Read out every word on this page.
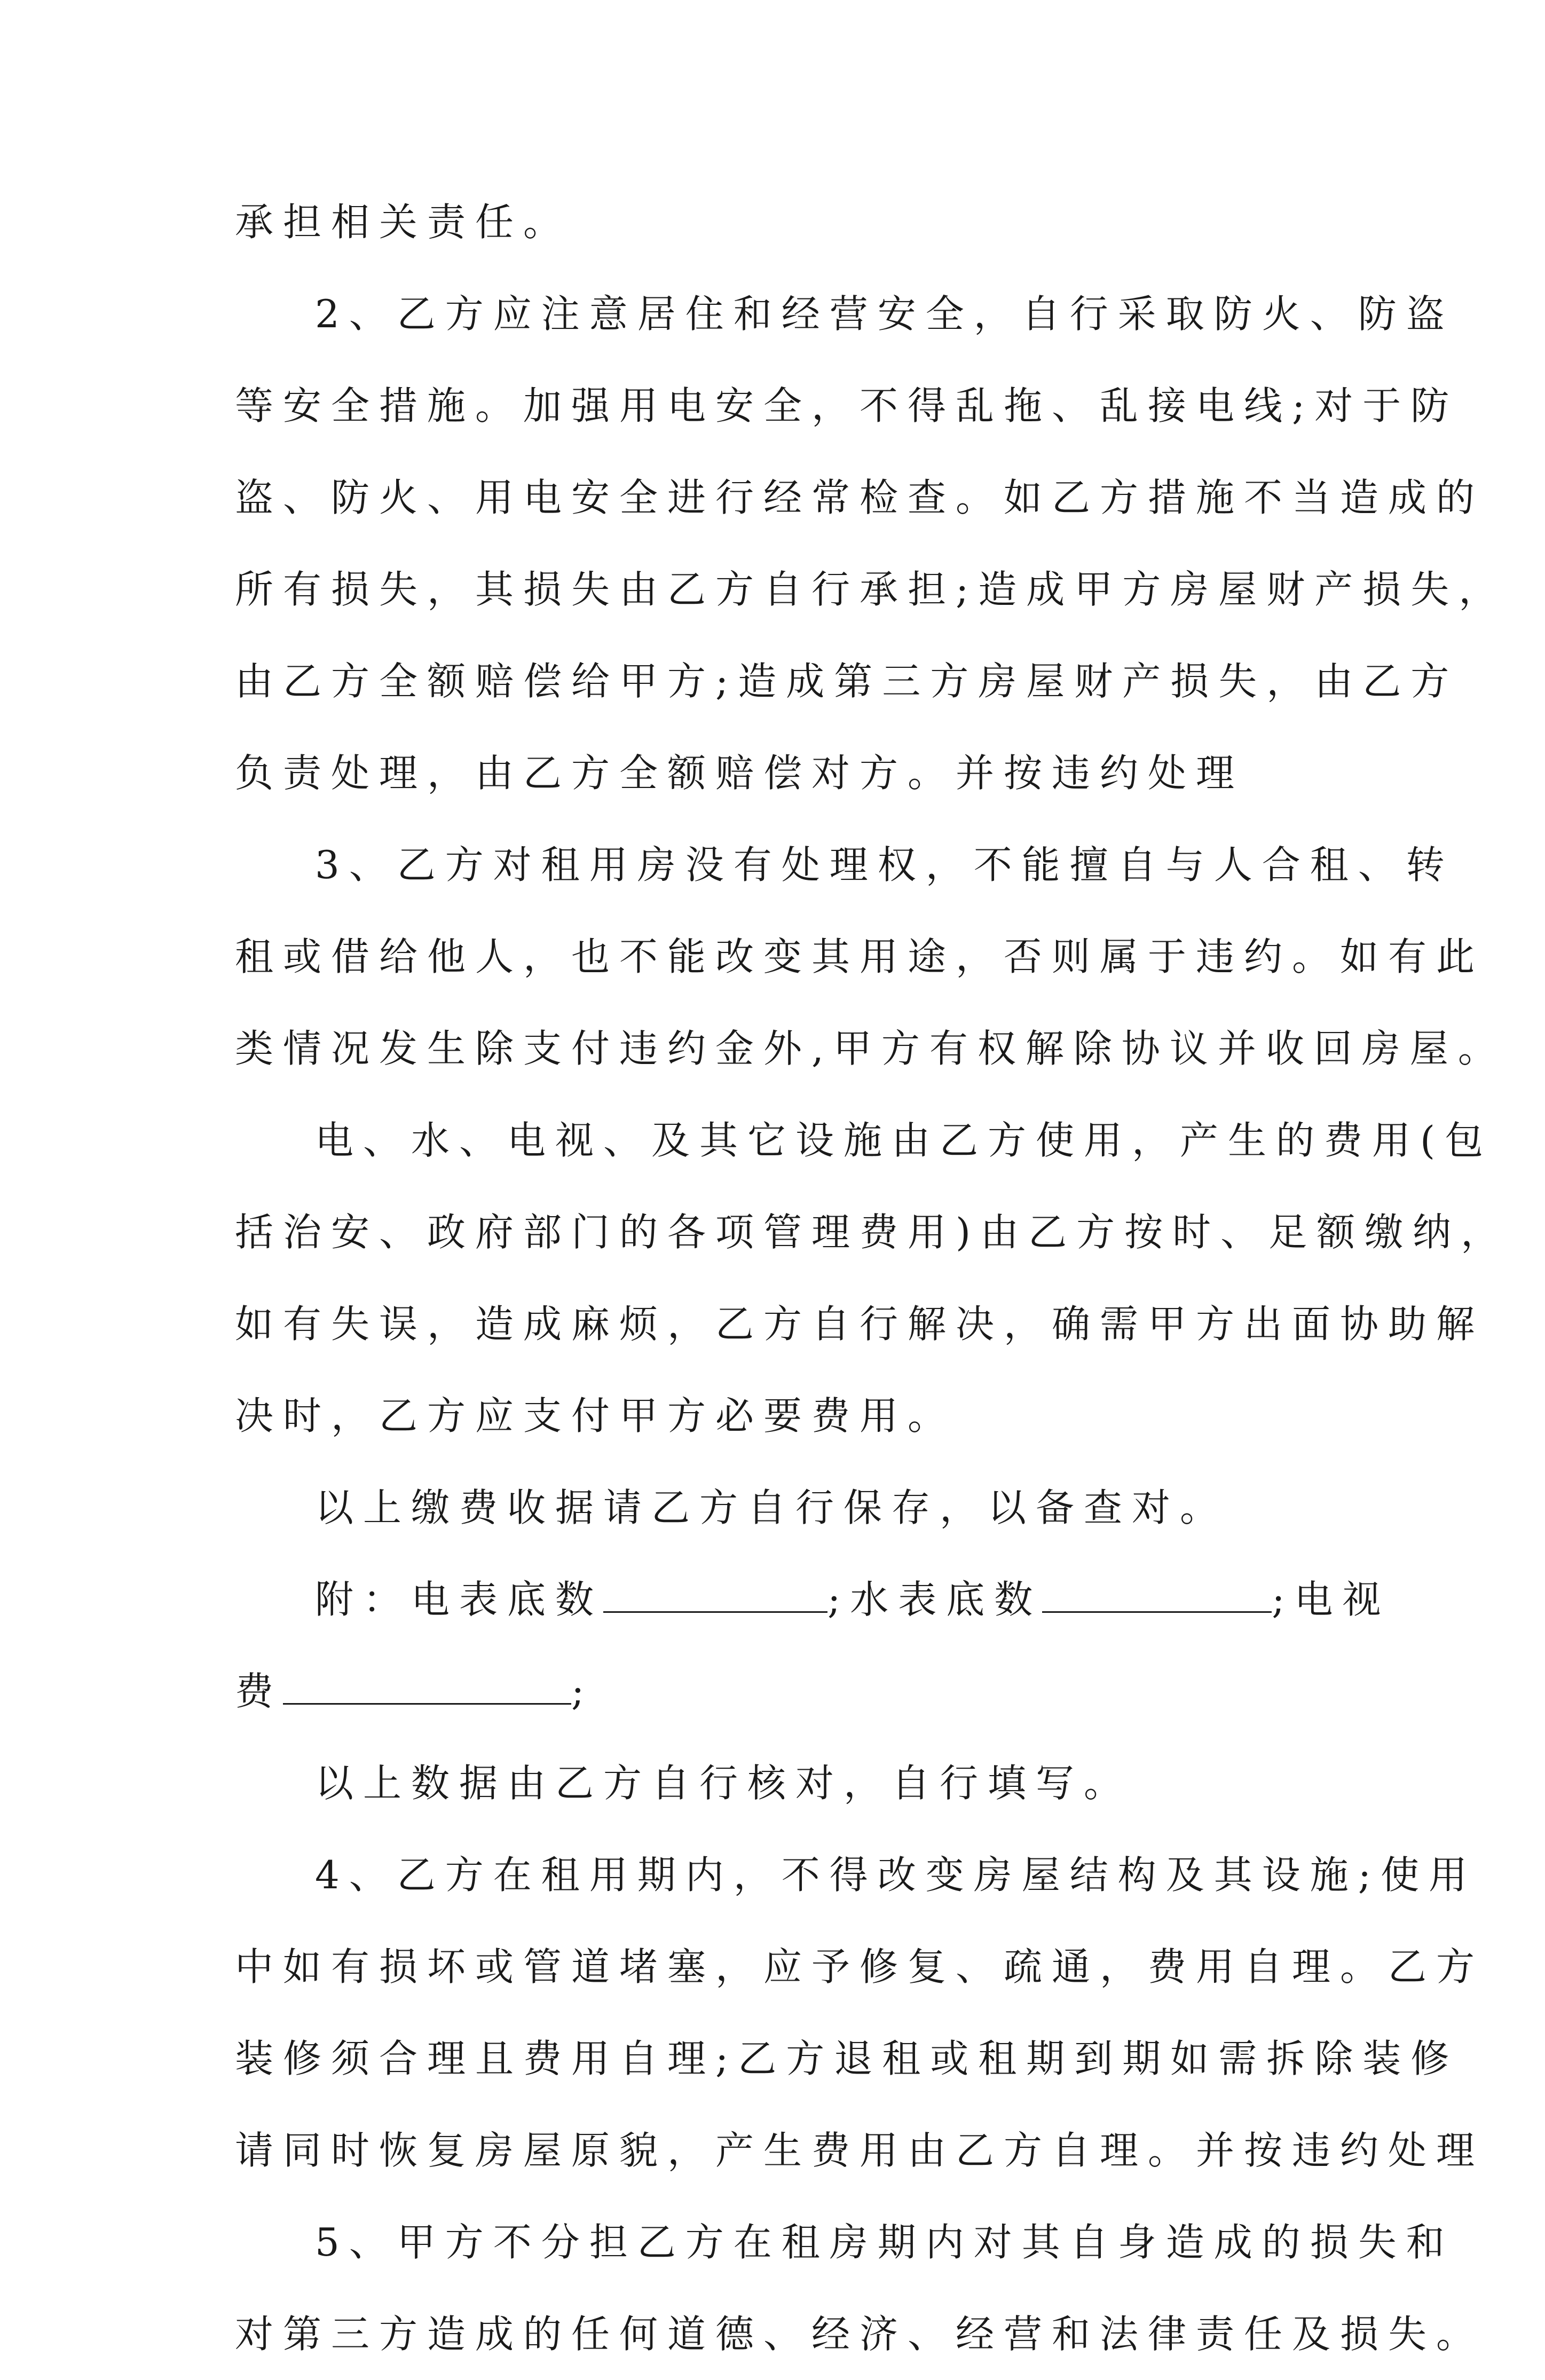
承担相关责任。
2、乙方应注意居住和经营安全，自行采取防火、防盗
等安全措施。加强用电安全，不得乱拖、乱接电线;对于防
盗、防火、用电安全进行经常检查。如乙方措施不当造成的
所有损失，其损失由乙方自行承担;造成甲方房屋财产损失，
由乙方全额赔偿给甲方;造成第三方房屋财产损失，由乙方
负责处理，由乙方全额赔偿对方。并按违约处理
3、乙方对租用房没有处理权，不能擅自与人合租、转
租或借给他人，也不能改变其用途，否则属于违约。如有此
类情况发生除支付违约金外,甲方有权解除协议并收回房屋。
电、水、电视、及其它设施由乙方使用，产生的费用(包
括治安、政府部门的各项管理费用)由乙方按时、足额缴纳，
如有失误，造成麻烦，乙方自行解决，确需甲方出面协助解
决时，乙方应支付甲方必要费用。
以上缴费收据请乙方自行保存，以备查对。
附：电表底数	;水表底数	;电视
费	;
以上数据由乙方自行核对，自行填写。
4、乙方在租用期内，不得改变房屋结构及其设施;使用
中如有损坏或管道堵塞，应予修复、疏通，费用自理。乙方
装修须合理且费用自理;乙方退租或租期到期如需拆除装修
请同时恢复房屋原貌，产生费用由乙方自理。并按违约处理
5、甲方不分担乙方在租房期内对其自身造成的损失和
对第三方造成的任何道德、经济、经营和法律责任及损失。
